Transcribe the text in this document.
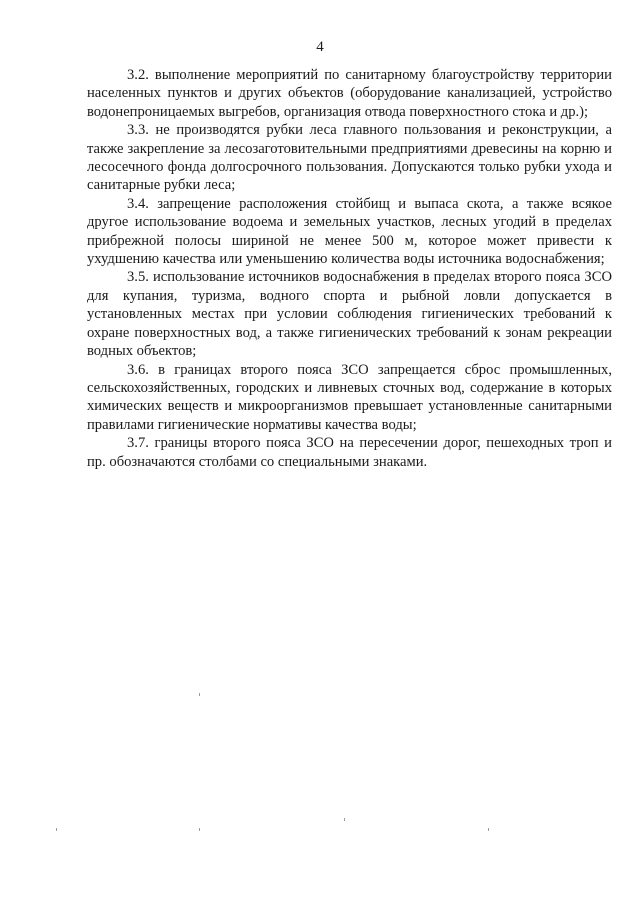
4

3.2. выполнение мероприятий по санитарному благоустройству территории населенных пунктов и других объектов (оборудование канализацией, устройство водонепроницаемых выгребов, организация отвода поверхностного стока и др.);

3.3. не производятся рубки леса главного пользования и реконструкции, а также закрепление за лесозаготовительными предприятиями древесины на корню и лесосечного фонда долгосрочного пользования. Допускаются только рубки ухода и санитарные рубки леса;

3.4. запрещение расположения стойбищ и выпаса скота, а также всякое другое использование водоема и земельных участков, лесных угодий в пределах прибрежной полосы шириной не менее 500 м, которое может привести к ухудшению качества или уменьшению количества воды источника водоснабжения;

3.5. использование источников водоснабжения в пределах второго пояса ЗСО для купания, туризма, водного спорта и рыбной ловли допускается в установленных местах при условии соблюдения гигиенических требований к охране поверхностных вод, а также гигиенических требований к зонам рекреации водных объектов;

3.6. в границах второго пояса ЗСО запрещается сброс промышленных, сельскохозяйственных, городских и ливневых сточных вод, содержание в которых химических веществ и микроорганизмов превышает установленные санитарными правилами гигиенические нормативы качества воды;

3.7. границы второго пояса ЗСО на пересечении дорог, пешеходных троп и пр. обозначаются столбами со специальными знаками.
